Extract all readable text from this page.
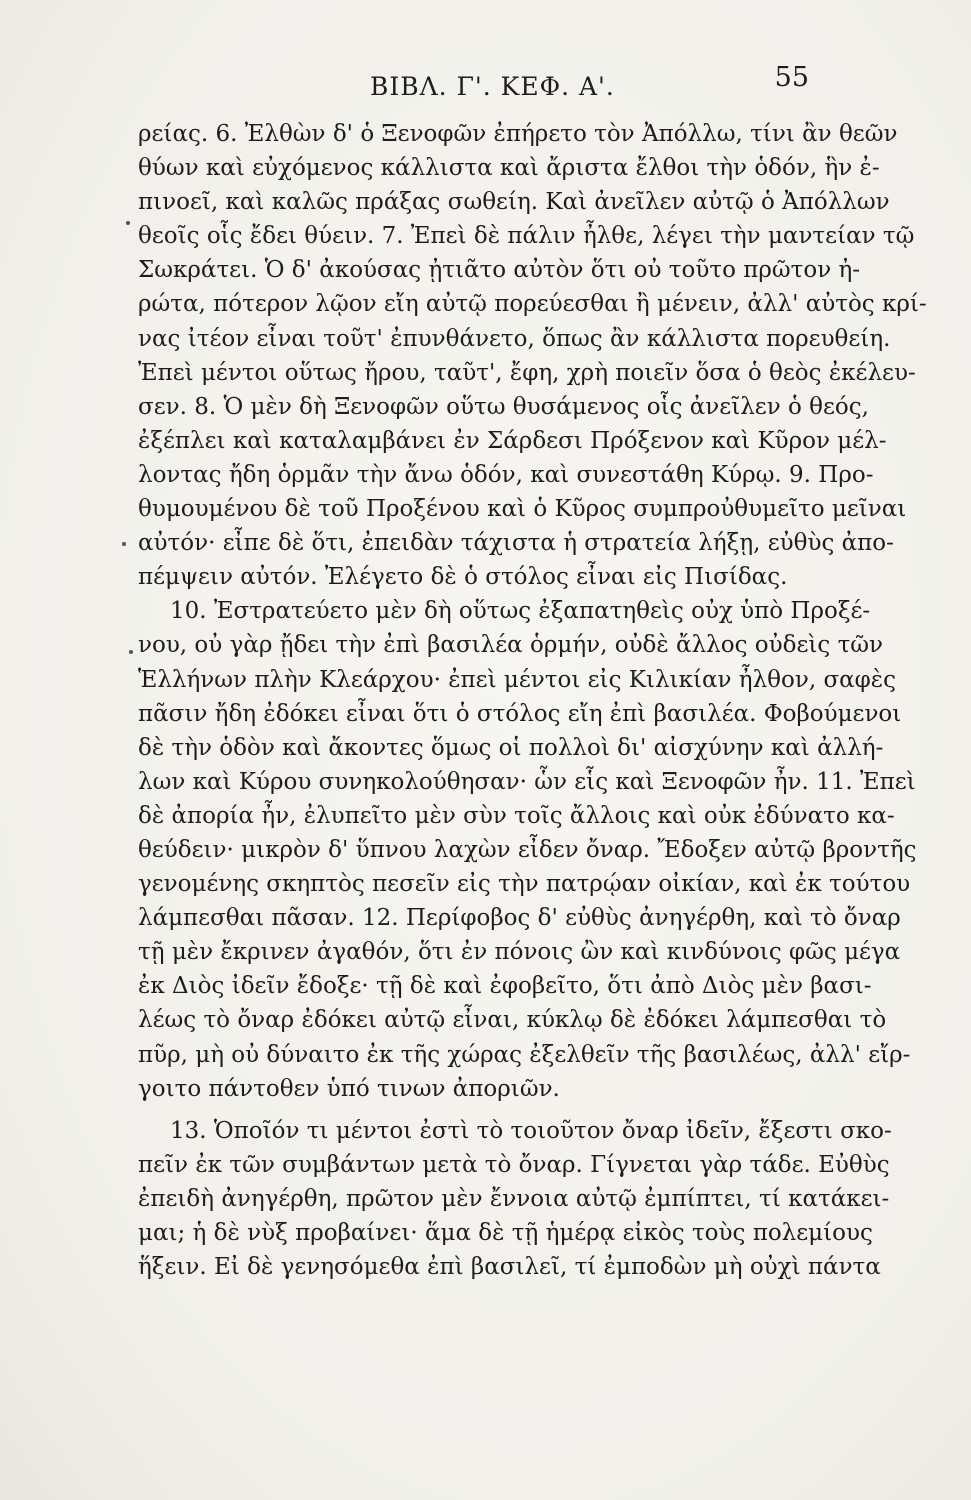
BIBΛ. Γ'. ΚΕΦ. Α'.	55
ρείας. 6. Ἐλθὼν δ' ὁ Ξενοφῶν ἐπήρετο τὸν Ἀπόλλω, τίνι ἂν θεῶν
θύων καὶ εὐχόμενος κάλλιστα καὶ ἄριστα ἔλθοι τὴν ὁδόν, ἣν ἐ-
πινοεῖ, καὶ καλῶς πράξας σωθείη. Καὶ ἀνεῖλεν αὐτῷ ὁ Ἀπόλλων
θεοῖς οἷς ἔδει θύειν. 7. Ἐπεὶ δὲ πάλιν ἦλθε, λέγει τὴν μαντείαν τῷ
Σωκράτει. Ὁ δ' ἀκούσας ᾐτιᾶτο αὐτὸν ὅτι οὐ τοῦτο πρῶτον ἠ-
ρώτα, πότερον λῷον εἴη αὐτῷ πορεύεσθαι ἢ μένειν, ἀλλ' αὐτὸς κρί-
νας ἰτέον εἶναι τοῦτ' ἐπυνθάνετο, ὅπως ἂν κάλλιστα πορευθείη.
Ἐπεὶ μέντοι οὕτως ἤρου, ταῦτ', ἔφη, χρὴ ποιεῖν ὅσα ὁ θεὸς ἐκέλευ-
σεν. 8. Ὁ μὲν δὴ Ξενοφῶν οὕτω θυσάμενος οἷς ἀνεῖλεν ὁ θεός,
ἐξέπλει καὶ καταλαμβάνει ἐν Σάρδεσι Πρόξενον καὶ Κῦρον μέλ-
λοντας ἤδη ὁρμᾶν τὴν ἄνω ὁδόν, καὶ συνεστάθη Κύρῳ. 9. Προ-
θυμουμένου δὲ τοῦ Προξένου καὶ ὁ Κῦρος συμπροὐθυμεῖτο μεῖναι
αὐτόν· εἶπε δὲ ὅτι, ἐπειδὰν τάχιστα ἡ στρατεία λήξῃ, εὐθὺς ἀπο-
πέμψειν αὐτόν. Ἐλέγετο δὲ ὁ στόλος εἶναι εἰς Πισίδας.
10. Ἐστρατεύετο μὲν δὴ οὕτως ἐξαπατηθεὶς οὐχ ὑπὸ Προξέ-
νου, οὐ γὰρ ᾔδει τὴν ἐπὶ βασιλέα ὁρμήν, οὐδὲ ἄλλος οὐδεὶς τῶν
Ἑλλήνων πλὴν Κλεάρχου· ἐπεὶ μέντοι εἰς Κιλικίαν ἦλθον, σαφὲς
πᾶσιν ἤδη ἐδόκει εἶναι ὅτι ὁ στόλος εἴη ἐπὶ βασιλέα. Φοβούμενοι
δὲ τὴν ὁδὸν καὶ ἄκοντες ὅμως οἱ πολλοὶ δι' αἰσχύνην καὶ ἀλλή-
λων καὶ Κύρου συνηκολούθησαν· ὧν εἷς καὶ Ξενοφῶν ἦν. 11. Ἐπεὶ
δὲ ἀπορία ἦν, ἐλυπεῖτο μὲν σὺν τοῖς ἄλλοις καὶ οὐκ ἐδύνατο κα-
θεύδειν· μικρὸν δ' ὕπνου λαχὼν εἶδεν ὄναρ. Ἔδοξεν αὐτῷ βροντῆς
γενομένης σκηπτὸς πεσεῖν εἰς τὴν πατρῴαν οἰκίαν, καὶ ἐκ τούτου
λάμπεσθαι πᾶσαν. 12. Περίφοβος δ' εὐθὺς ἀνηγέρθη, καὶ τὸ ὄναρ
τῇ μὲν ἔκρινεν ἀγαθόν, ὅτι ἐν πόνοις ὢν καὶ κινδύνοις φῶς μέγα
ἐκ Διὸς ἰδεῖν ἔδοξε· τῇ δὲ καὶ ἐφοβεῖτο, ὅτι ἀπὸ Διὸς μὲν βασι-
λέως τὸ ὄναρ ἐδόκει αὐτῷ εἶναι, κύκλῳ δὲ ἐδόκει λάμπεσθαι τὸ
πῦρ, μὴ οὐ δύναιτο ἐκ τῆς χώρας ἐξελθεῖν τῆς βασιλέως, ἀλλ' εἴρ-
γοιτο πάντοθεν ὑπό τινων ἀποριῶν.
13. Ὁποῖόν τι μέντοι ἐστὶ τὸ τοιοῦτον ὄναρ ἰδεῖν, ἔξεστι σκο-
πεῖν ἐκ τῶν συμβάντων μετὰ τὸ ὄναρ. Γίγνεται γὰρ τάδε. Εὐθὺς
ἐπειδὴ ἀνηγέρθη, πρῶτον μὲν ἔννοια αὐτῷ ἐμπίπτει, τί κατάκει-
μαι; ἡ δὲ νὺξ προβαίνει· ἅμα δὲ τῇ ἡμέρᾳ εἰκὸς τοὺς πολεμίους
ἥξειν. Εἰ δὲ γενησόμεθα ἐπὶ βασιλεῖ, τί ἐμποδὼν μὴ οὐχὶ πάντα
